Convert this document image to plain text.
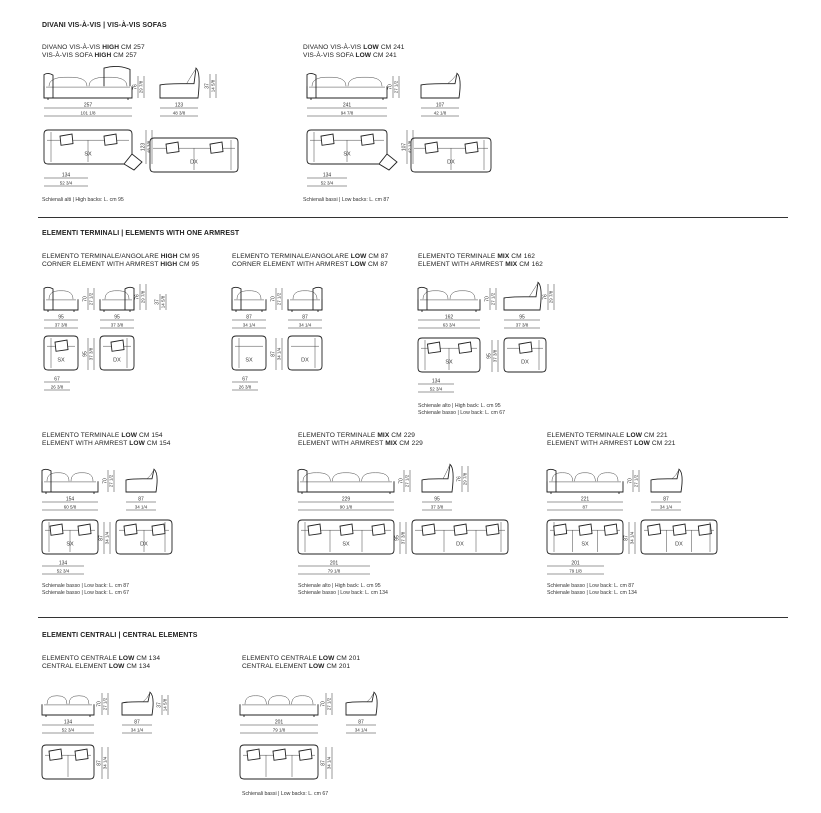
DIVANI VIS-À-VIS | VIS-À-VIS SOFAS
ELEMENTI TERMINALI | ELEMENTS WITH ONE ARMREST
ELEMENTI CENTRALI | CENTRAL ELEMENTS
DIVANO VIS-À-VIS HIGH CM 257
VIS-À-VIS SOFA HIGH CM 257
76 29 7/8
257
101 1/8
37 14 5/8
123
48 3/8
SX
DX
123 48 3/8
134
52 3/4
Schienali alti | High backs: L. cm 95
DIVANO VIS-À-VIS LOW CM 241
VIS-À-VIS SOFA LOW CM 241
70 27 1/2
241
94 7/8
107
42 1/8
SX
DX
107 42 1/8
134
52 3/4
Schienali bassi | Low backs: L. cm 87
ELEMENTO TERMINALE/ANGOLARE HIGH CM 95
CORNER ELEMENT WITH ARMREST HIGH CM 95
70 27 1/2	76 29 7/8 37 14 5/8
95
37 3/8
95
37 3/8
SX	DX
95 37 3/8
67
26 3/8
ELEMENTO TERMINALE/ANGOLARE LOW CM 87
CORNER ELEMENT WITH ARMREST LOW CM 87
70 27 1/2
87
34 1/4
87
34 1/4
SX	DX
87 34 1/4
67
26 3/8
ELEMENTO TERMINALE MIX CM 162
ELEMENT WITH ARMREST MIX CM 162
70 27 1/2
162
63 3/4
76 29 7/8
95
37 3/8
SX	DX
95 37 3/8
134
52 3/4
Schienale alto | High back: L. cm 95
Schienale basso | Low back: L. cm 67
ELEMENTO TERMINALE LOW CM 154
ELEMENT WITH ARMREST LOW CM 154
70 27 1/2
154
60 5/8
87
34 1/4
SX	DX
87 34 1/4
134
52 3/4
Schienale basso | Low back: L. cm 87
Schienale basso | Low back: L. cm 67
ELEMENTO TERMINALE MIX CM 229
ELEMENT WITH ARMREST MIX CM 229
70 27 1/2
229
90 1/8
76 29 7/8
95
37 3/8
SX	DX
95 37 3/8
201
79 1/8
Schienale alto | High back: L. cm 95
Schienale basso | Low back: L. cm 134
ELEMENTO TERMINALE LOW CM 221
ELEMENT WITH ARMREST LOW CM 221
70 27 1/2
221
87
87
34 1/4
SX	DX
87 34 1/4
201
79 1/8
Schienale basso | Low back: L. cm 87
Schienale basso | Low back: L. cm 134
ELEMENTO CENTRALE LOW CM 134
CENTRAL ELEMENT LOW CM 134
70 27 1/2	37 14 5/8
134
52 3/4
87
34 1/4
87 34 1/4
ELEMENTO CENTRALE LOW CM 201
CENTRAL ELEMENT LOW CM 201
70 27 1/2
201
79 1/8
87
34 1/4
87 34 1/4
Schienali bassi | Low backs: L. cm 67
